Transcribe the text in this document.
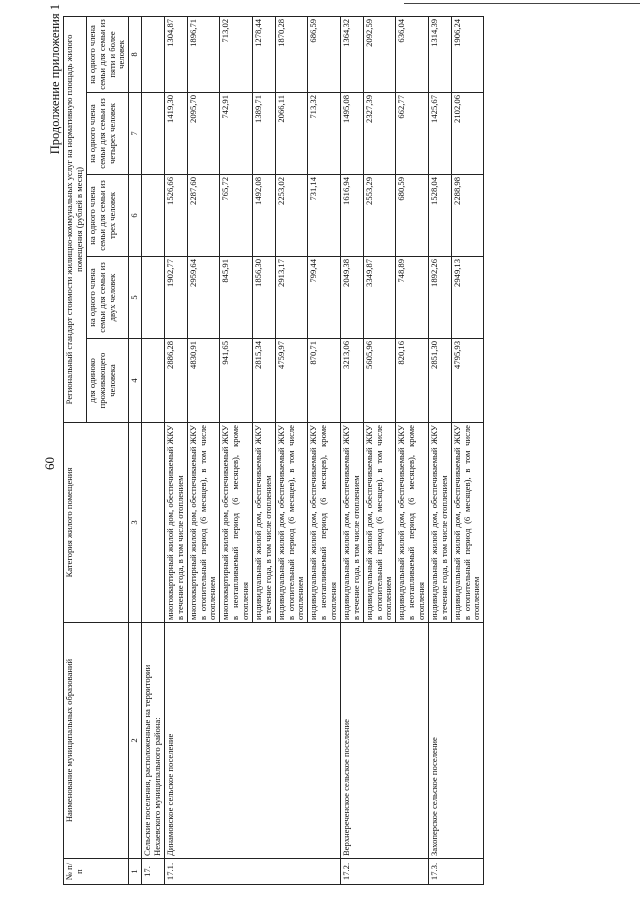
60
Продолжение приложения 1
№ п/п	Наименование муниципальных образований	Категория жилого помещения	Региональный стандарт стоимости жилищно-коммунальных услуг на нормативную площадь жилого помещения (рублей в месяц)				
			для одиноко проживающего человека	на одного члена семьи для семьи из двух человек	на одного члена семьи для семьи из трех человек	на одного члена семьи для семьи из четырех человек	на одного члена семьи для семьи из пяти и более человек
1	2	3	4	5	6	7	8
17.	Сельские поселения, расположенные на территории Нехаевского муниципального района:						
17.1.	Динамовское сельское поселение	многоквартирный жилой дом, обеспечиваемый ЖКУ в течение года, в том числе отоплением	2886,28	1902,77	1526,66	1419,30	1304,87
		многоквартирный жилой дом, обеспечиваемый ЖКУ в отопительный период (6 месяцев), в том числе отоплением	4830,91	2959,64	2287,60	2095,70	1896,71
		многоквартирный жилой дом, обеспечиваемый ЖКУ в неотапливаемый период (6 месяцев), кроме отопления	941,65	845,91	765,72	742,91	713,02
		индивидуальный жилой дом, обеспечиваемый ЖКУ в течение года, в том числе отоплением	2815,34	1856,30	1492,08	1389,71	1278,44
		индивидуальный жилой дом, обеспечиваемый ЖКУ в отопительный период (6 месяцев), в том числе отоплением	4759,97	2913,17	2253,02	2066,11	1870,28
		индивидуальный жилой дом, обеспечиваемый ЖКУ в неотапливаемый период (6 месяцев), кроме отопления	870,71	799,44	731,14	713,32	686,59
17.2.	Верхнереченское сельское поселение	индивидуальный жилой дом, обеспечиваемый ЖКУ в течение года, в том числе отоплением	3213,06	2049,38	1616,94	1495,08	1364,32
		индивидуальный жилой дом, обеспечиваемый ЖКУ в отопительный период (6 месяцев), в том числе отоплением	5605,96	3349,87	2553,29	2327,39	2092,59
		индивидуальный жилой дом, обеспечиваемый ЖКУ в неотапливаемый период (6 месяцев), кроме отопления	820,16	748,89	680,59	662,77	636,04
17.3.	Захоперское сельское поселение	индивидуальный жилой дом, обеспечиваемый ЖКУ в течение года, в том числе отоплением	2851,30	1892,26	1528,04	1425,67	1314,39
		индивидуальный жилой дом, обеспечиваемый ЖКУ в отопительный период (6 месяцев), в том числе отоплением	4795,93	2949,13	2288,98	2102,06	1906,24
